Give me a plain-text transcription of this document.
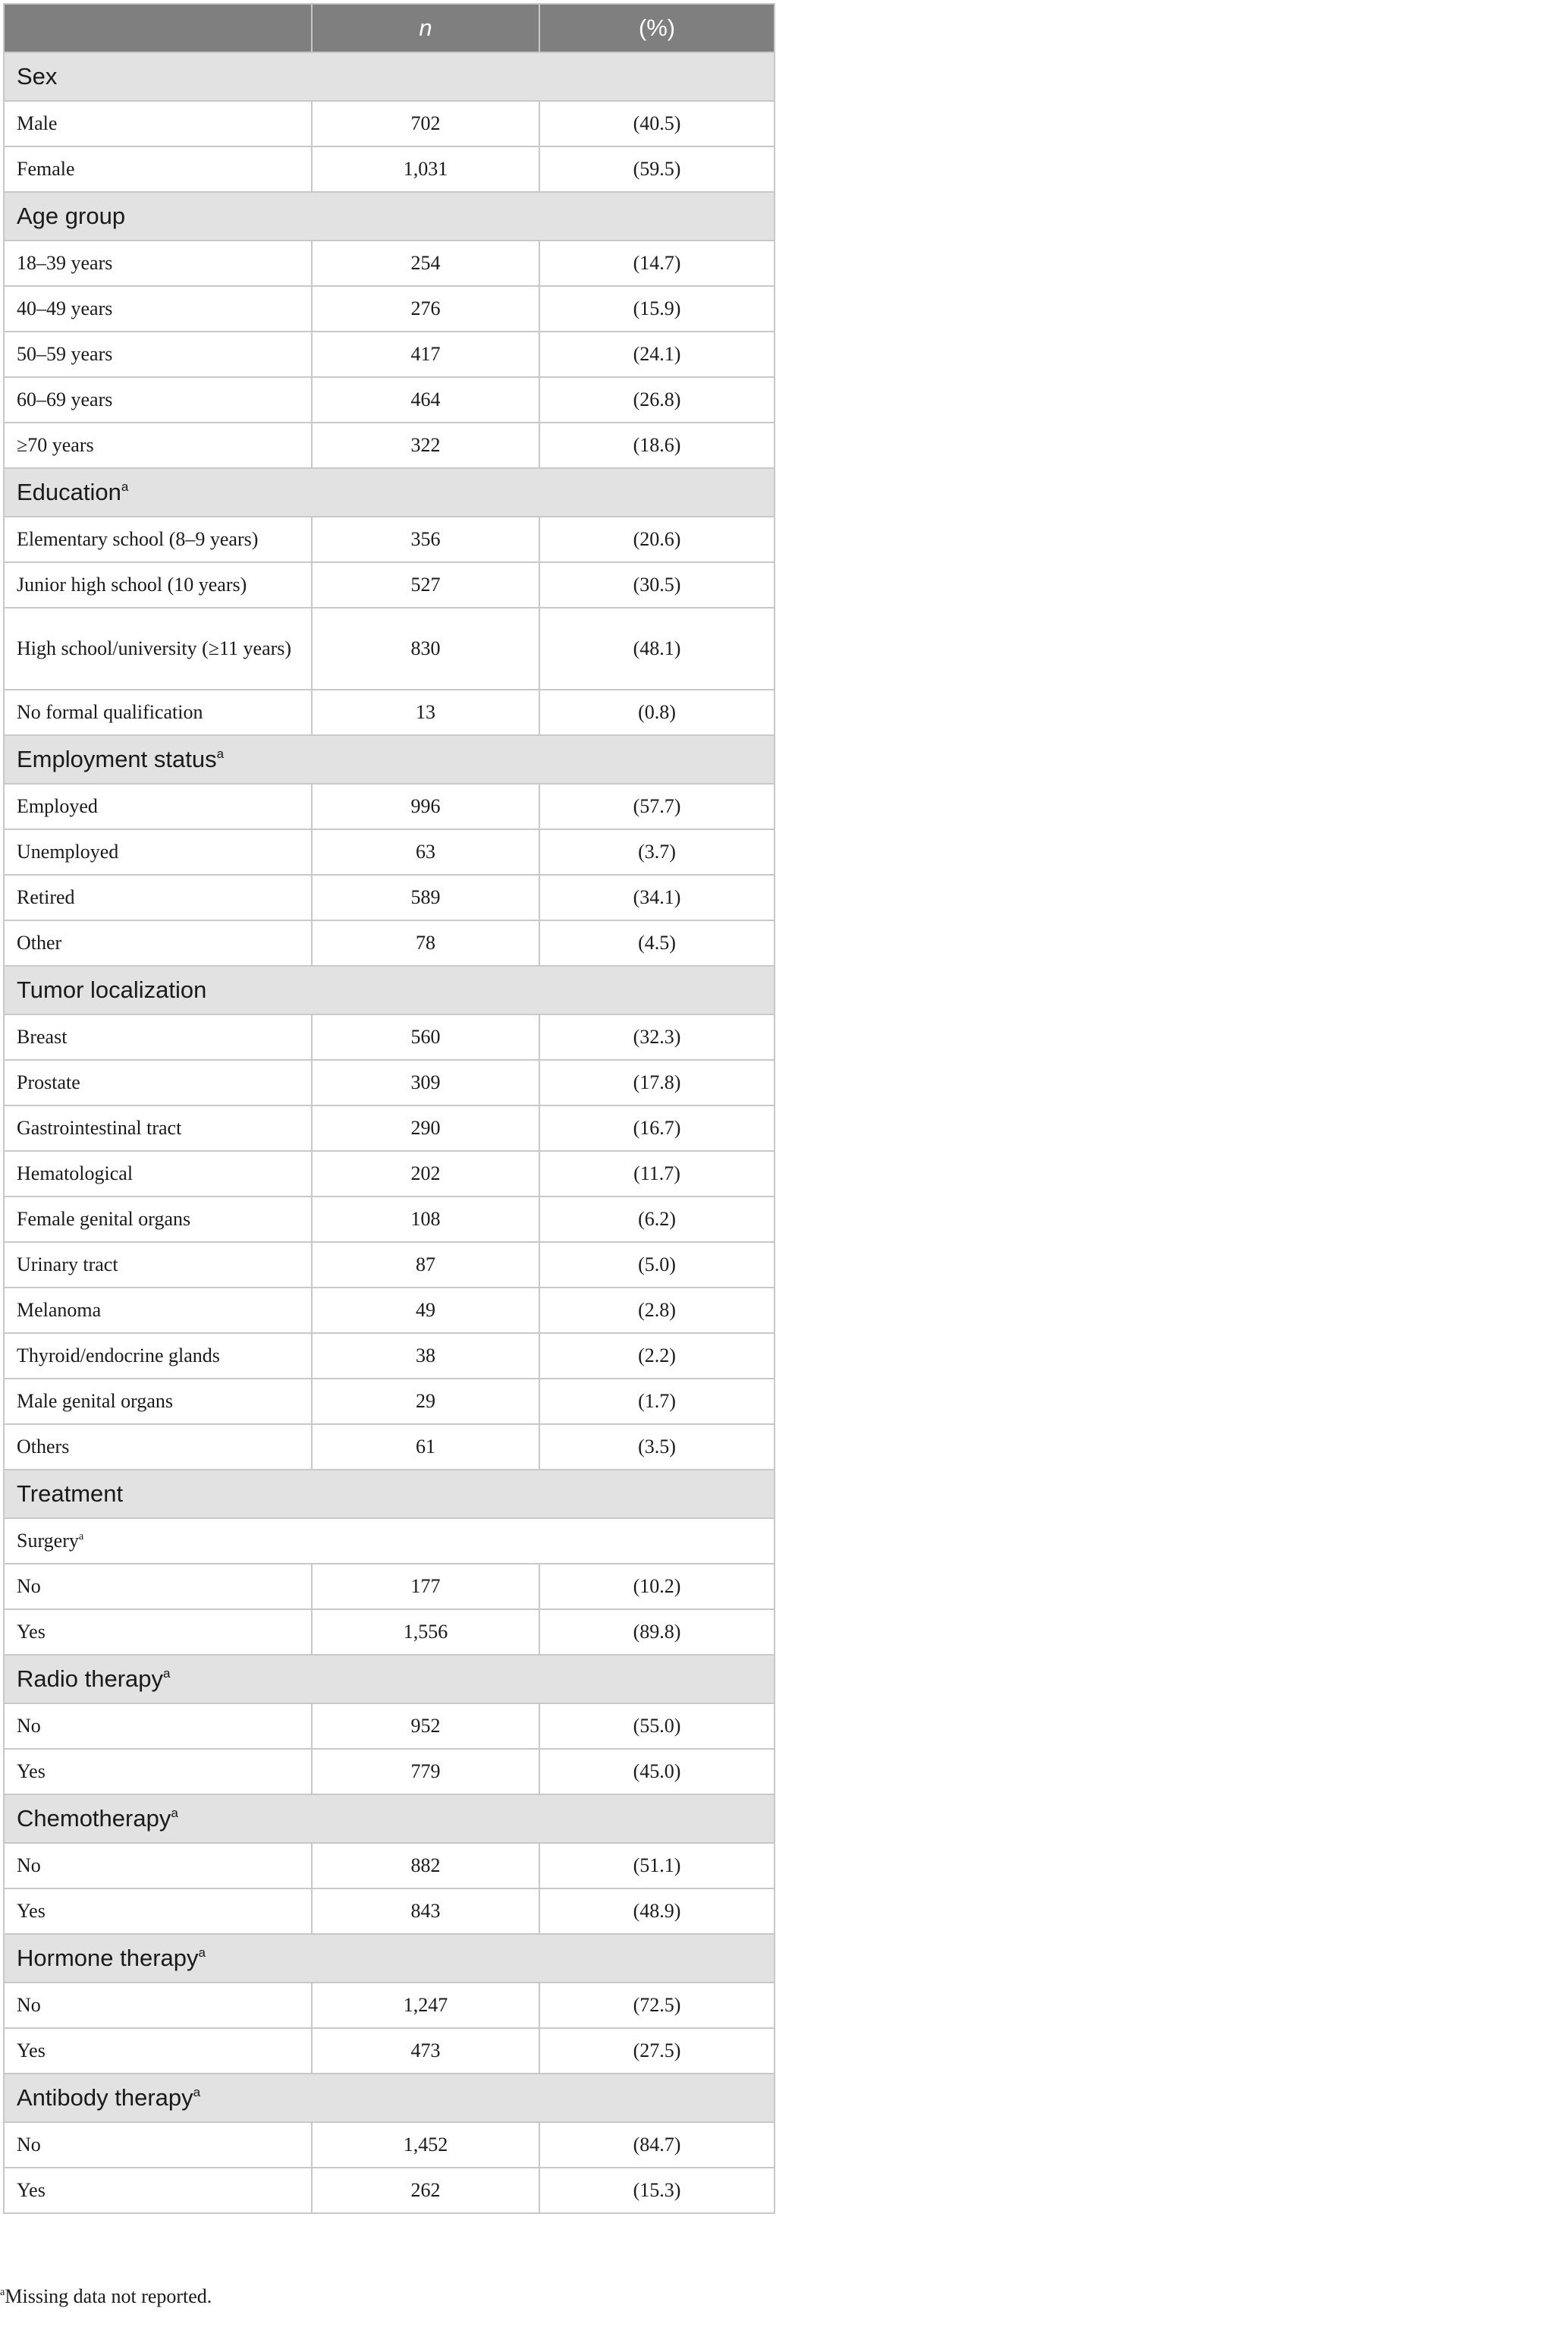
	n	(%)
Sex		
Male	702	(40.5)
Female	1,031	(59.5)
Age group		
18–39 years	254	(14.7)
40–49 years	276	(15.9)
50–59 years	417	(24.1)
60–69 years	464	(26.8)
≥70 years	322	(18.6)
Education$^a$
Elementary school (8–9 years)	356	(20.6)
Junior high school (10 years)	527	(30.5)
High school/university (≥11 years)	830	(48.1)
No formal qualification	13	(0.8)
Employment status$^a$
Employed	996	(57.7)
Unemployed	63	(3.7)
Retired	589	(34.1)
Other	78	(4.5)
Tumor localization		
Breast	560	(32.3)
Prostate	309	(17.8)
Gastrointestinal tract	290	(16.7)
Hematological	202	(11.7)
Female genital organs	108	(6.2)
Urinary tract	87	(5.0)
Melanoma	49	(2.8)
Thyroid/endocrine glands	38	(2.2)
Male genital organs	29	(1.7)
Others	61	(3.5)
Treatment		
Surgery$^a$
No	177	(10.2)
Yes	1,556	(89.8)
Radio therapy$^a$
No	952	(55.0)
Yes	779	(45.0)
Chemotherapy$^a$
No	882	(51.1)
Yes	843	(48.9)
Hormone therapy$^a$
No	1,247	(72.5)
Yes	473	(27.5)
Antibody therapy$^a$
No	1,452	(84.7)
Yes	262	(15.3)
$^a$Missing data not reported.
